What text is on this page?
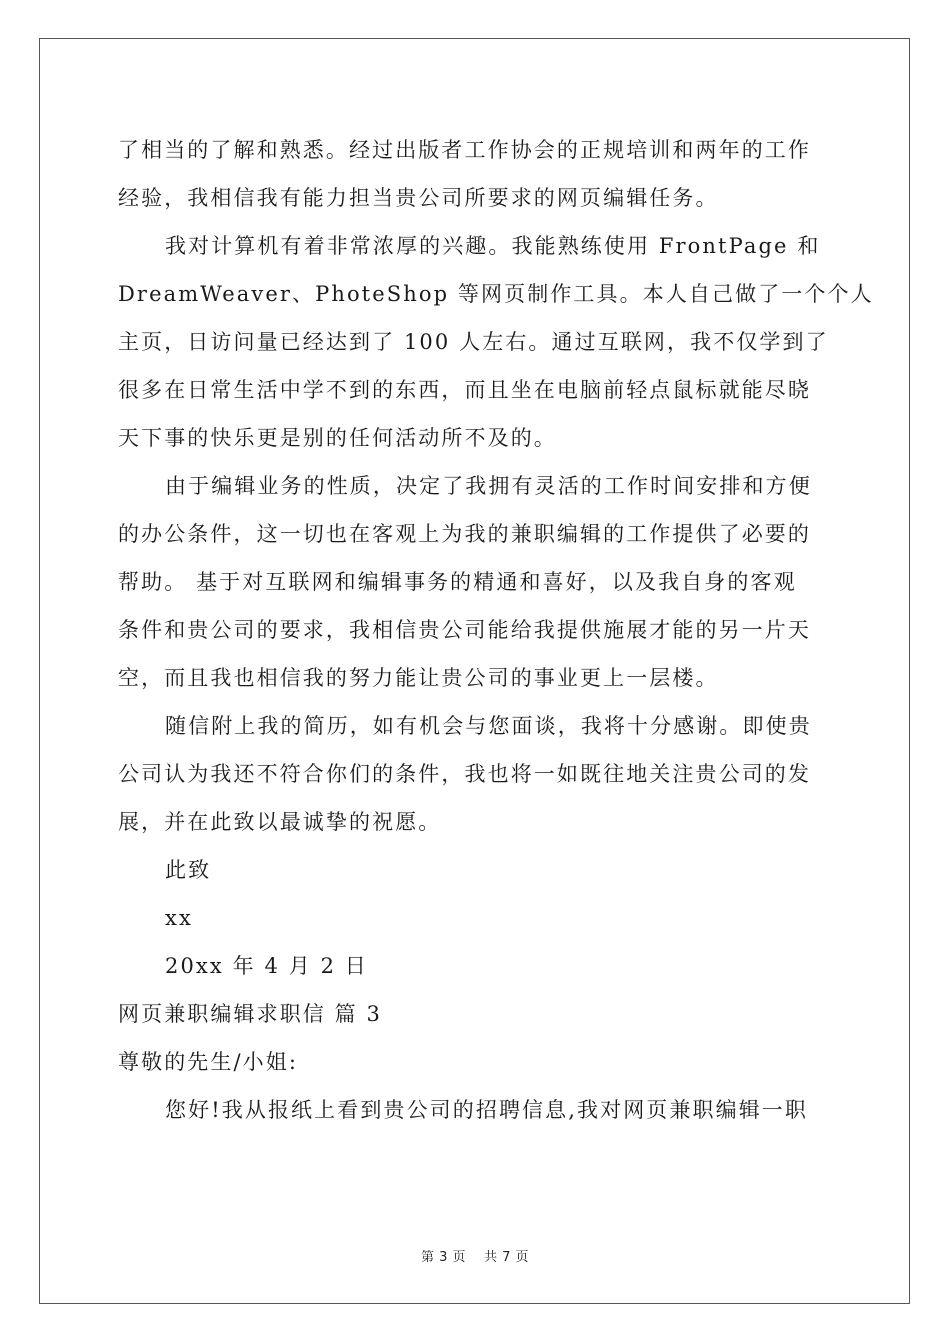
了相当的了解和熟悉。经过出版者工作协会的正规培训和两年的工作
经验，我相信我有能力担当贵公司所要求的网页编辑任务。
我对计算机有着非常浓厚的兴趣。我能熟练使用 FrontPage 和
DreamWeaver、PhoteShop 等网页制作工具。本人自己做了一个个人
主页，日访问量已经达到了 100 人左右。通过互联网，我不仅学到了
很多在日常生活中学不到的东西，而且坐在电脑前轻点鼠标就能尽晓
天下事的快乐更是别的任何活动所不及的。
由于编辑业务的性质，决定了我拥有灵活的工作时间安排和方便
的办公条件，这一切也在客观上为我的兼职编辑的工作提供了必要的
帮助。 基于对互联网和编辑事务的精通和喜好，以及我自身的客观
条件和贵公司的要求，我相信贵公司能给我提供施展才能的另一片天
空，而且我也相信我的努力能让贵公司的事业更上一层楼。
随信附上我的简历，如有机会与您面谈，我将十分感谢。即使贵
公司认为我还不符合你们的条件，我也将一如既往地关注贵公司的发
展，并在此致以最诚挚的祝愿。
此致
xx
20xx 年 4 月 2 日
网页兼职编辑求职信 篇 3
尊敬的先生/小姐:
您好!我从报纸上看到贵公司的招聘信息,我对网页兼职编辑一职
第 3 页 共 7 页
